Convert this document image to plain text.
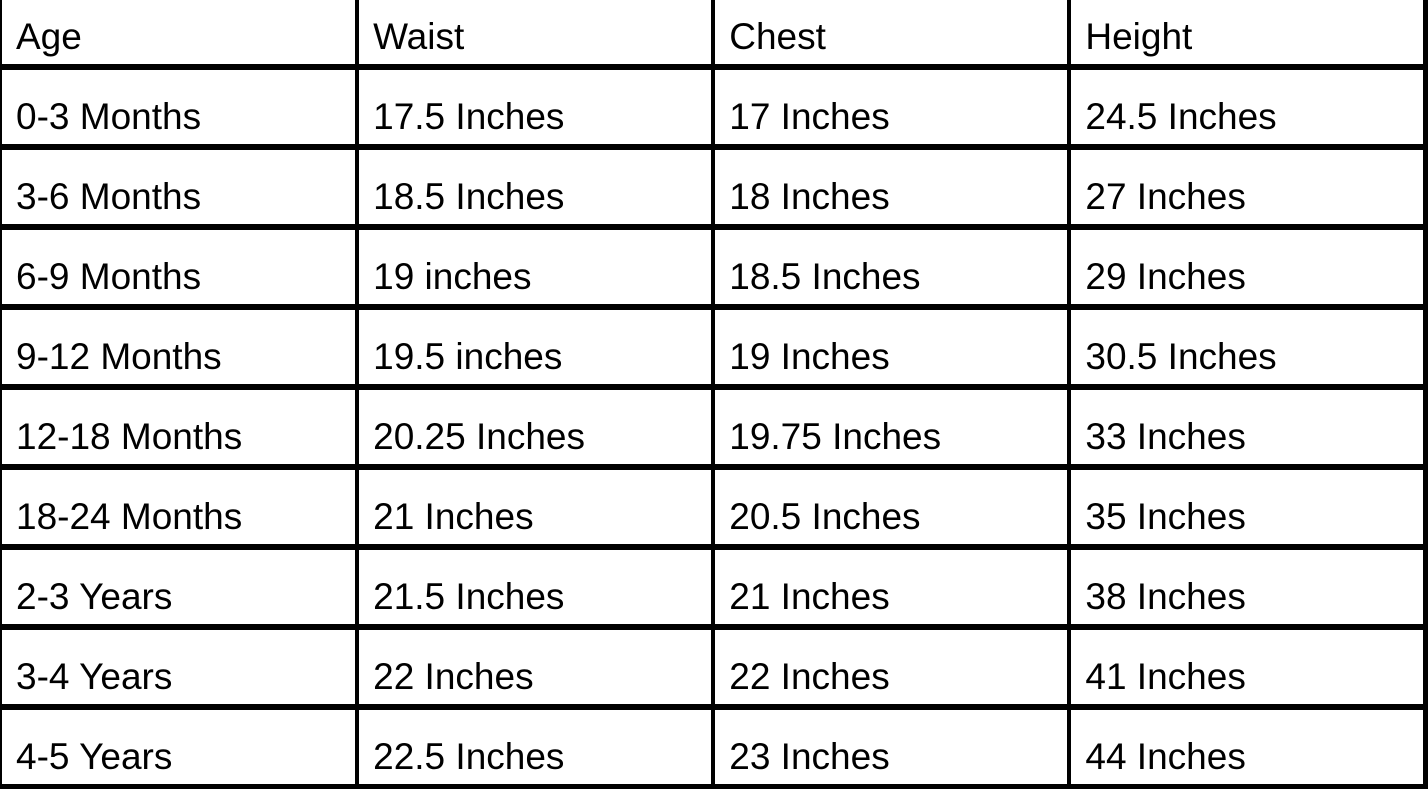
Age	Waist	Chest	Height
0-3 Months	17.5 Inches	17 Inches	24.5 Inches
3-6 Months	18.5 Inches	18 Inches	27 Inches
6-9 Months	19 inches	18.5 Inches	29 Inches
9-12 Months	19.5 inches	19 Inches	30.5 Inches
12-18 Months	20.25 Inches	19.75 Inches	33 Inches
18-24 Months	21 Inches	20.5 Inches	35 Inches
2-3 Years	21.5 Inches	21 Inches	38 Inches
3-4 Years	22 Inches	22 Inches	41 Inches
4-5 Years	22.5 Inches	23 Inches	44 Inches
